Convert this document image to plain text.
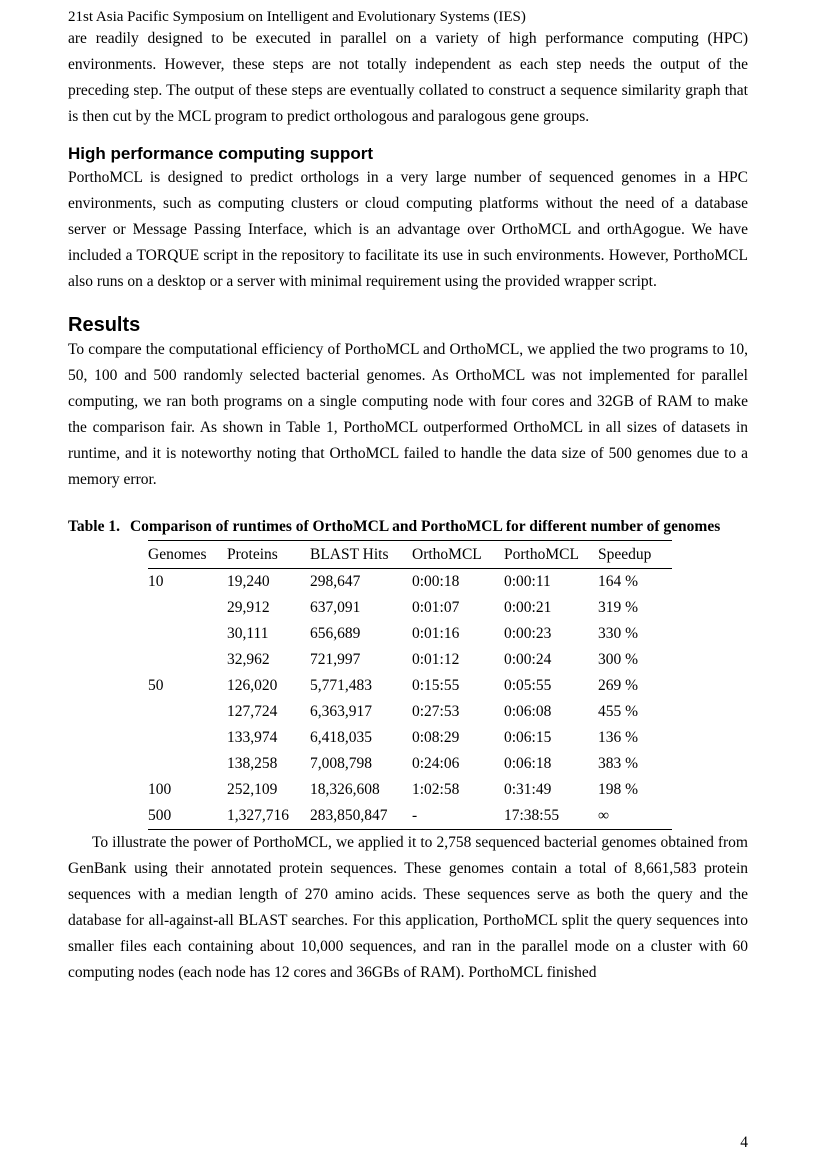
21st Asia Pacific Symposium on Intelligent and Evolutionary Systems (IES)

are readily designed to be executed in parallel on a variety of high performance computing (HPC) environments. However, these steps are not totally independent as each step needs the output of the preceding step. The output of these steps are eventually collated to construct a sequence similarity graph that is then cut by the MCL program to predict orthologous and paralogous gene groups.

High performance computing support

PorthoMCL is designed to predict orthologs in a very large number of sequenced genomes in a HPC environments, such as computing clusters or cloud computing platforms without the need of a database server or Message Passing Interface, which is an advantage over OrthoMCL and orthAgogue. We have included a TORQUE script in the repository to facilitate its use in such environments. However, PorthoMCL also runs on a desktop or a server with minimal requirement using the provided wrapper script.

Results

To compare the computational efficiency of PorthoMCL and OrthoMCL, we applied the two programs to 10, 50, 100 and 500 randomly selected bacterial genomes. As OrthoMCL was not implemented for parallel computing, we ran both programs on a single computing node with four cores and 32GB of RAM to make the comparison fair. As shown in Table 1, PorthoMCL outperformed OrthoMCL in all sizes of datasets in runtime, and it is noteworthy noting that OrthoMCL failed to handle the data size of 500 genomes due to a memory error.

Table 1. Comparison of runtimes of OrthoMCL and PorthoMCL for different number of genomes

Genomes	Proteins	BLAST Hits	OrthoMCL	PorthoMCL	Speedup
10	19,240	298,647	0:00:18	0:00:11	164 %
	29,912	637,091	0:01:07	0:00:21	319 %
	30,111	656,689	0:01:16	0:00:23	330 %
	32,962	721,997	0:01:12	0:00:24	300 %
50	126,020	5,771,483	0:15:55	0:05:55	269 %
	127,724	6,363,917	0:27:53	0:06:08	455 %
	133,974	6,418,035	0:08:29	0:06:15	136 %
	138,258	7,008,798	0:24:06	0:06:18	383 %
100	252,109	18,326,608	1:02:58	0:31:49	198 %
500	1,327,716	283,850,847	-	17:38:55	∞

To illustrate the power of PorthoMCL, we applied it to 2,758 sequenced bacterial genomes obtained from GenBank using their annotated protein sequences. These genomes contain a total of 8,661,583 protein sequences with a median length of 270 amino acids. These sequences serve as both the query and the database for all-against-all BLAST searches. For this application, PorthoMCL split the query sequences into smaller files each containing about 10,000 sequences, and ran in the parallel mode on a cluster with 60 computing nodes (each node has 12 cores and 36GBs of RAM). PorthoMCL finished

4
